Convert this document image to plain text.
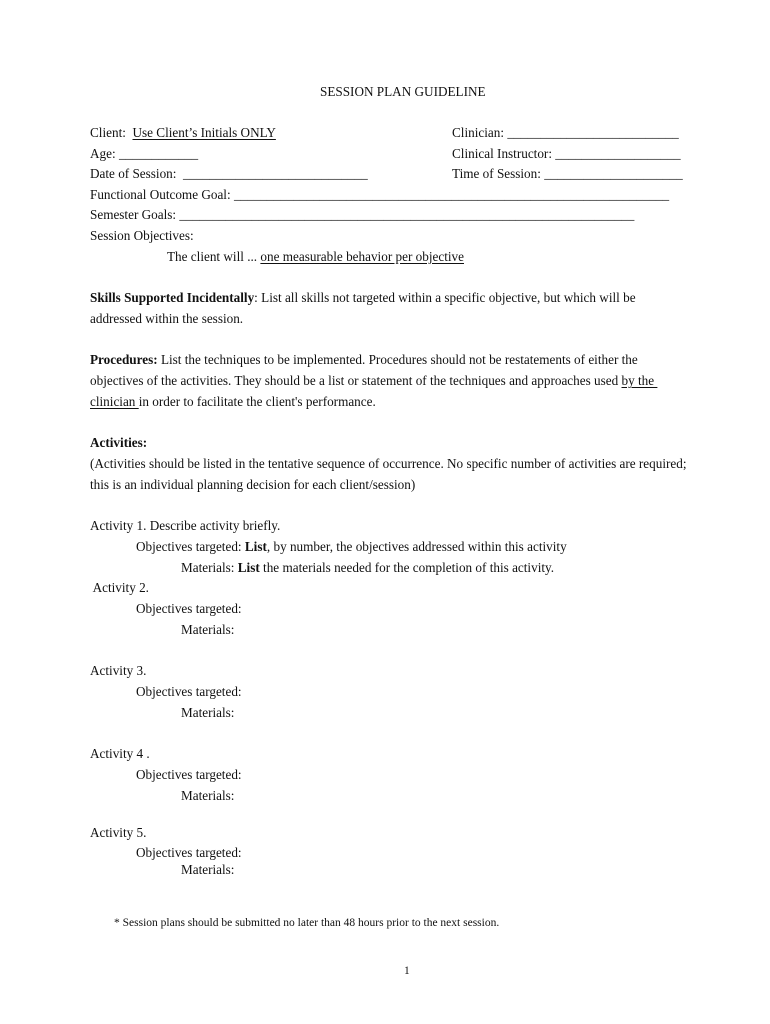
SESSION PLAN GUIDELINE
Client: Use Client’s Initials ONLY	Clinician: __________________________
Age: ____________	Clinical Instructor: ___________________
Date of Session: ____________________________	Time of Session: _____________________
Functional Outcome Goal: __________________________________________________________________
Semester Goals: _____________________________________________________________________
Session Objectives:
The client will ... one measurable behavior per objective
Skills Supported Incidentally: List all skills not targeted within a specific objective, but which will be
addressed within the session.
Procedures: List the techniques to be implemented. Procedures should not be restatements of either the
objectives of the activities. They should be a list or statement of the techniques and approaches used by the
clinician in order to facilitate the client's performance.
Activities:
(Activities should be listed in the tentative sequence of occurrence. No specific number of activities are required;
this is an individual planning decision for each client/session)
Activity 1. Describe activity briefly.
Objectives targeted: List, by number, the objectives addressed within this activity
Materials: List the materials needed for the completion of this activity.
Activity 2.
Objectives targeted:
Materials:
Activity 3.
Objectives targeted:
Materials:
Activity 4 .
Objectives targeted:
Materials:
Activity 5.
Objectives targeted:
Materials:
* Session plans should be submitted no later than 48 hours prior to the next session.
1
